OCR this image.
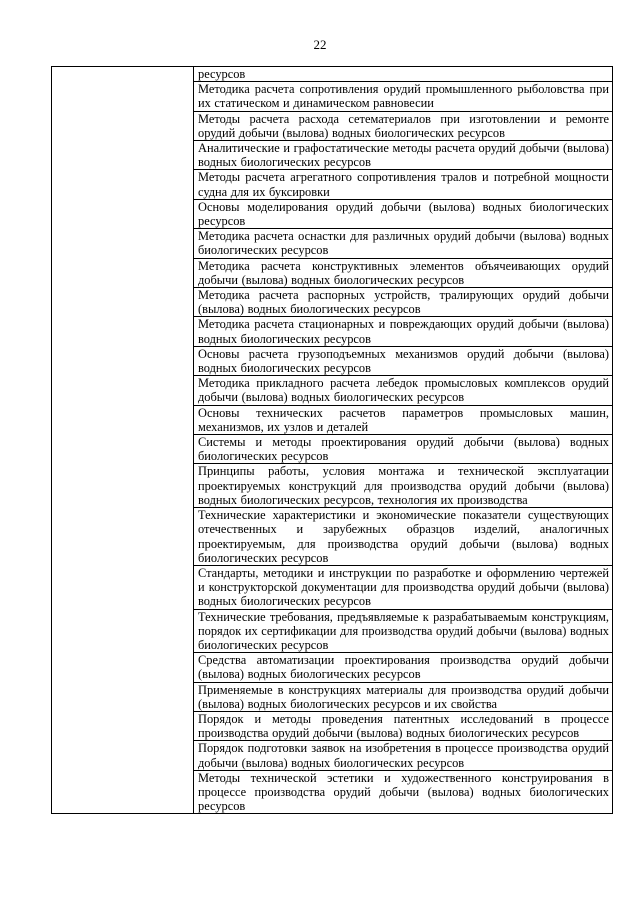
22

ресурсов

Методика расчета сопротивления орудий промышленного рыболовства при их статическом и динамическом равновесии

Методы расчета расхода сетематериалов при изготовлении и ремонте орудий добычи (вылова) водных биологических ресурсов

Аналитические и графостатические методы расчета орудий добычи (вылова) водных биологических ресурсов

Методы расчета агрегатного сопротивления тралов и потребной мощности судна для их буксировки

Основы моделирования орудий добычи (вылова) водных биологических ресурсов

Методика расчета оснастки для различных орудий добычи (вылова) водных биологических ресурсов

Методика расчета конструктивных элементов объячеивающих орудий добычи (вылова) водных биологических ресурсов

Методика расчета распорных устройств, тралирующих орудий добычи (вылова) водных биологических ресурсов

Методика расчета стационарных и повреждающих орудий добычи (вылова) водных биологических ресурсов

Основы расчета грузоподъемных механизмов орудий добычи (вылова) водных биологических ресурсов

Методика прикладного расчета лебедок промысловых комплексов орудий добычи (вылова) водных биологических ресурсов

Основы технических расчетов параметров промысловых машин, механизмов, их узлов и деталей

Системы и методы проектирования орудий добычи (вылова) водных биологических ресурсов

Принципы работы, условия монтажа и технической эксплуатации проектируемых конструкций для производства орудий добычи (вылова) водных биологических ресурсов, технология их производства

Технические характеристики и экономические показатели существующих отечественных и зарубежных образцов изделий, аналогичных проектируемым, для производства орудий добычи (вылова) водных биологических ресурсов

Стандарты, методики и инструкции по разработке и оформлению чертежей и конструкторской документации для производства орудий добычи (вылова) водных биологических ресурсов

Технические требования, предъявляемые к разрабатываемым конструкциям, порядок их сертификации для производства орудий добычи (вылова) водных биологических ресурсов

Средства автоматизации проектирования производства орудий добычи (вылова) водных биологических ресурсов

Применяемые в конструкциях материалы для производства орудий добычи (вылова) водных биологических ресурсов и их свойства

Порядок и методы проведения патентных исследований в процессе производства орудий добычи (вылова) водных биологических ресурсов

Порядок подготовки заявок на изобретения в процессе производства орудий добычи (вылова) водных биологических ресурсов

Методы технической эстетики и художественного конструирования в процессе производства орудий добычи (вылова) водных биологических ресурсов
